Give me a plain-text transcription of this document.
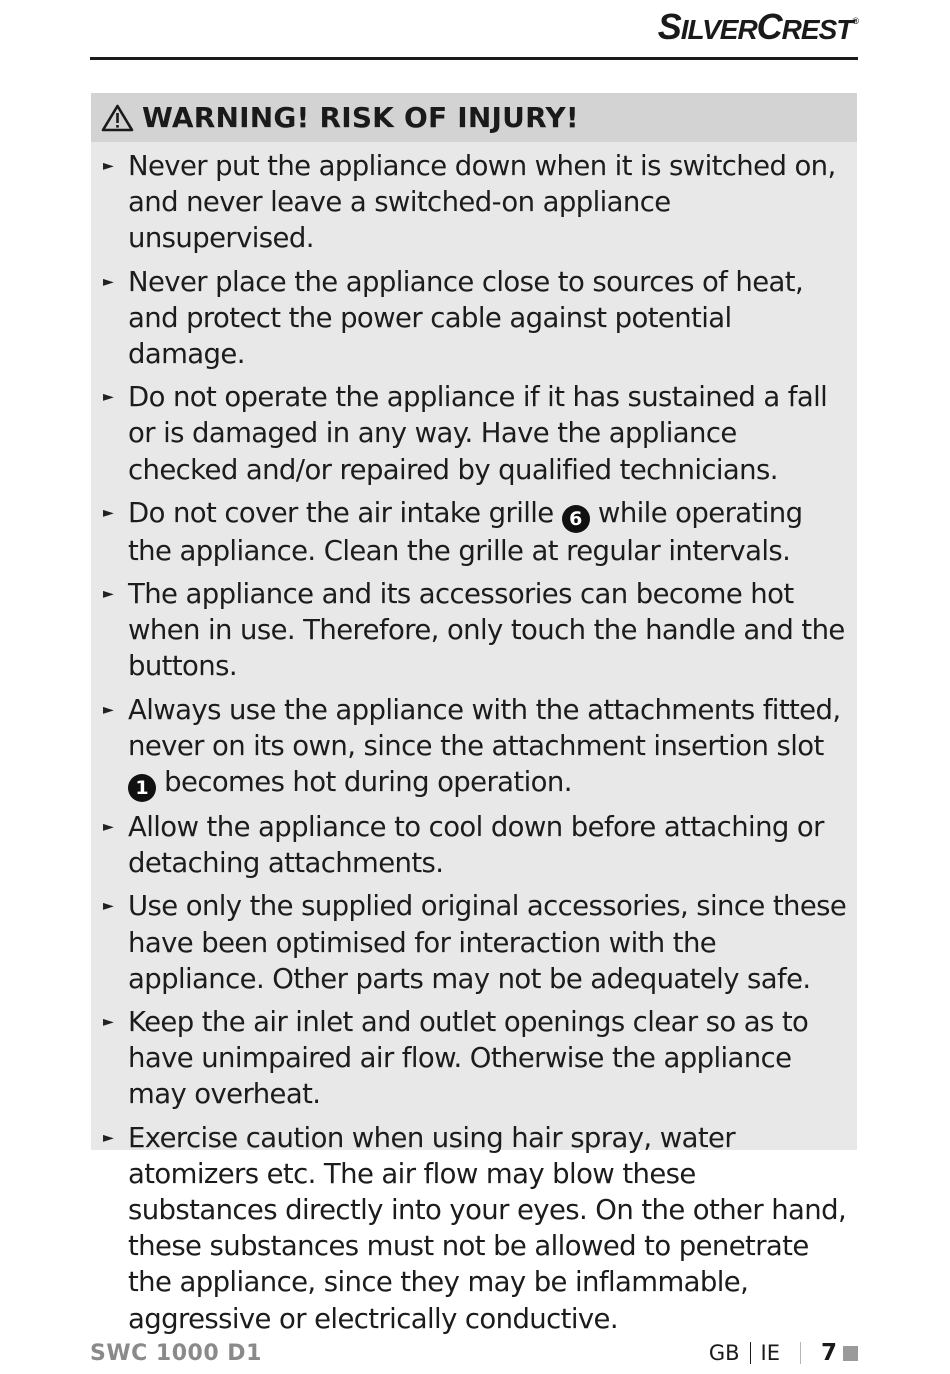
SILVERCREST®
WARNING! RISK OF INJURY!
► Never put the appliance down when it is switched on, and never leave a switched-on appliance unsupervised.
► Never place the appliance close to sources of heat, and protect the power cable against potential damage.
► Do not operate the appliance if it has sustained a fall or is damaged in any way. Have the appliance checked and/or repaired by qualified technicians.
► Do not cover the air intake grille 6 while operating the appliance. Clean the grille at regular intervals.
► The appliance and its accessories can become hot when in use. Therefore, only touch the handle and the buttons.
► Always use the appliance with the attachments fitted, never on its own, since the attachment insertion slot 1 becomes hot during operation.
► Allow the appliance to cool down before attaching or detaching attachments.
► Use only the supplied original accessories, since these have been optimised for interaction with the appliance. Other parts may not be adequately safe.
► Keep the air inlet and outlet openings clear so as to have unimpaired air flow. Otherwise the appliance may overheat.
► Exercise caution when using hair spray, water atomizers etc. The air flow may blow these substances directly into your eyes. On the other hand, these substances must not be allowed to penetrate the appliance, since they may be inflammable, aggressive or electrically conductive.
SWC 1000 D1	GB IE 7
